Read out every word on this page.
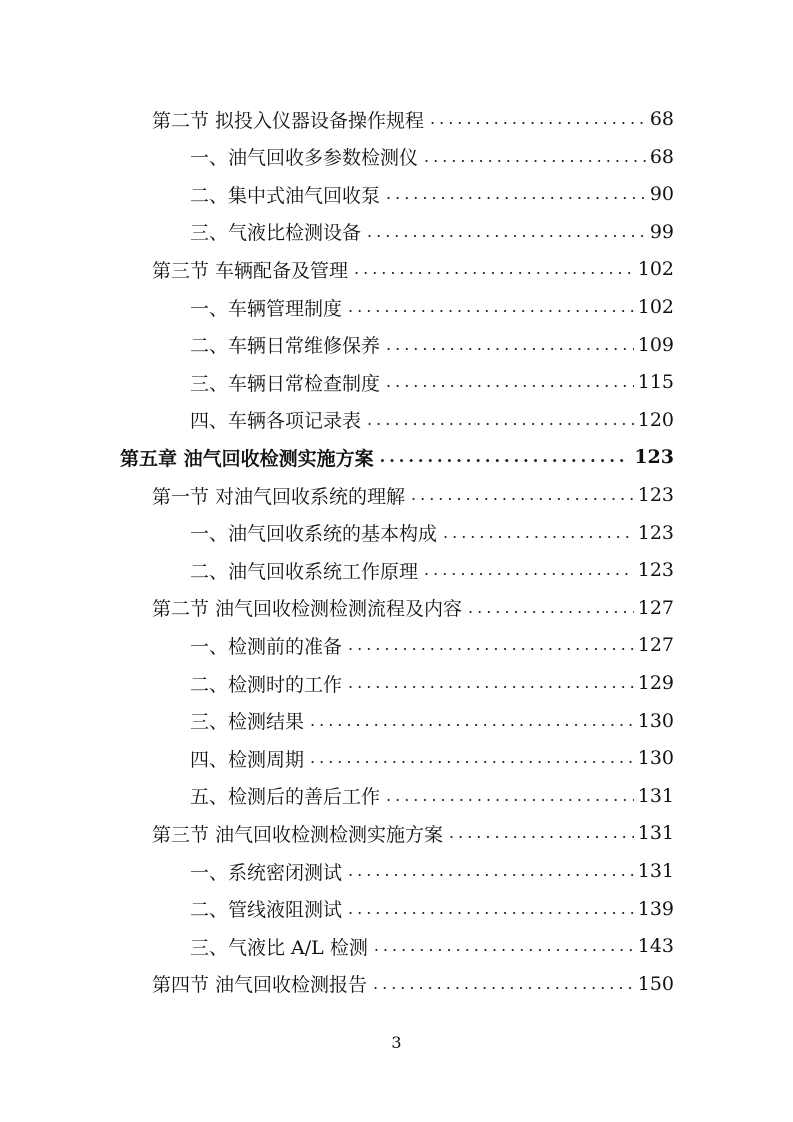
第二节 拟投入仪器设备操作规程 .....	68
一、油气回收多参数检测仪 .....	68
二、集中式油气回收泵 .....	90
三、气液比检测设备 .....	99
第三节 车辆配备及管理 .....	102
一、车辆管理制度 .....	102
二、车辆日常维修保养 .....	109
三、车辆日常检查制度 .....	115
四、车辆各项记录表 .....	120
第五章 油气回收检测实施方案 .....	123
第一节 对油气回收系统的理解 .....	123
一、油气回收系统的基本构成 .....	123
二、油气回收系统工作原理 .....	123
第二节 油气回收检测检测流程及内容 .....	127
一、检测前的准备 .....	127
二、检测时的工作 .....	129
三、检测结果 .....	130
四、检测周期 .....	130
五、检测后的善后工作 .....	131
第三节 油气回收检测检测实施方案 .....	131
一、系统密闭测试 .....	131
二、管线液阻测试 .....	139
三、气液比 A/L 检测 .....	143
第四节 油气回收检测报告 .....	150
3
